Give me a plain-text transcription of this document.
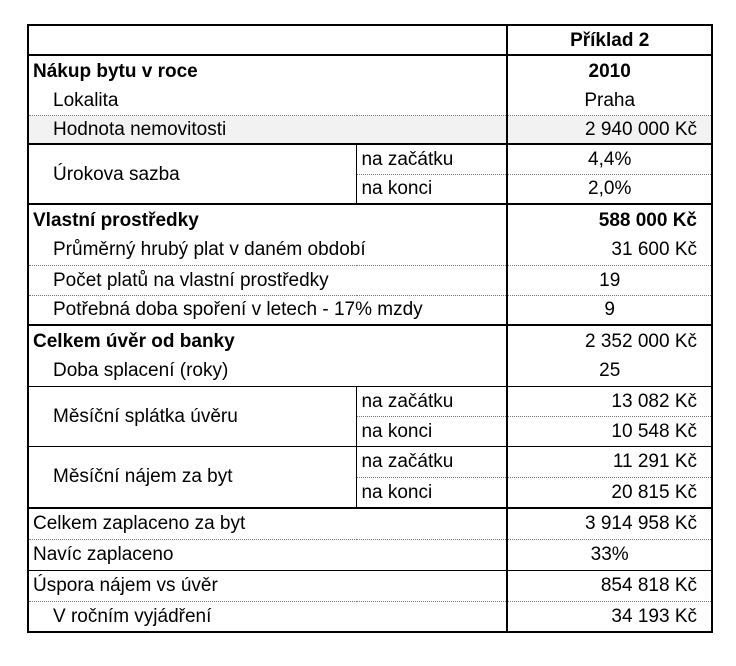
		Příklad 2
Nákup bytu v roce		2010
Lokalita		Praha
Hodnota nemovitosti		2 940 000 Kč
Úrokova sazba	na začátku	4,4%
	na konci	2,0%
Vlastní prostředky		588 000 Kč
Průměrný hrubý plat v daném období		31 600 Kč
Počet platů na vlastní prostředky		19
Potřebná doba spoření v letech - 17% mzdy		9
Celkem úvěr od banky		2 352 000 Kč
Doba splacení (roky)		25
Měsíční splátka úvěru	na začátku	13 082 Kč
	na konci	10 548 Kč
Měsíční nájem za byt	na začátku	11 291 Kč
	na konci	20 815 Kč
Celkem zaplaceno za byt		3 914 958 Kč
Navíc zaplaceno		33%
Úspora nájem vs úvěr		854 818 Kč
V ročním vyjádření		34 193 Kč
